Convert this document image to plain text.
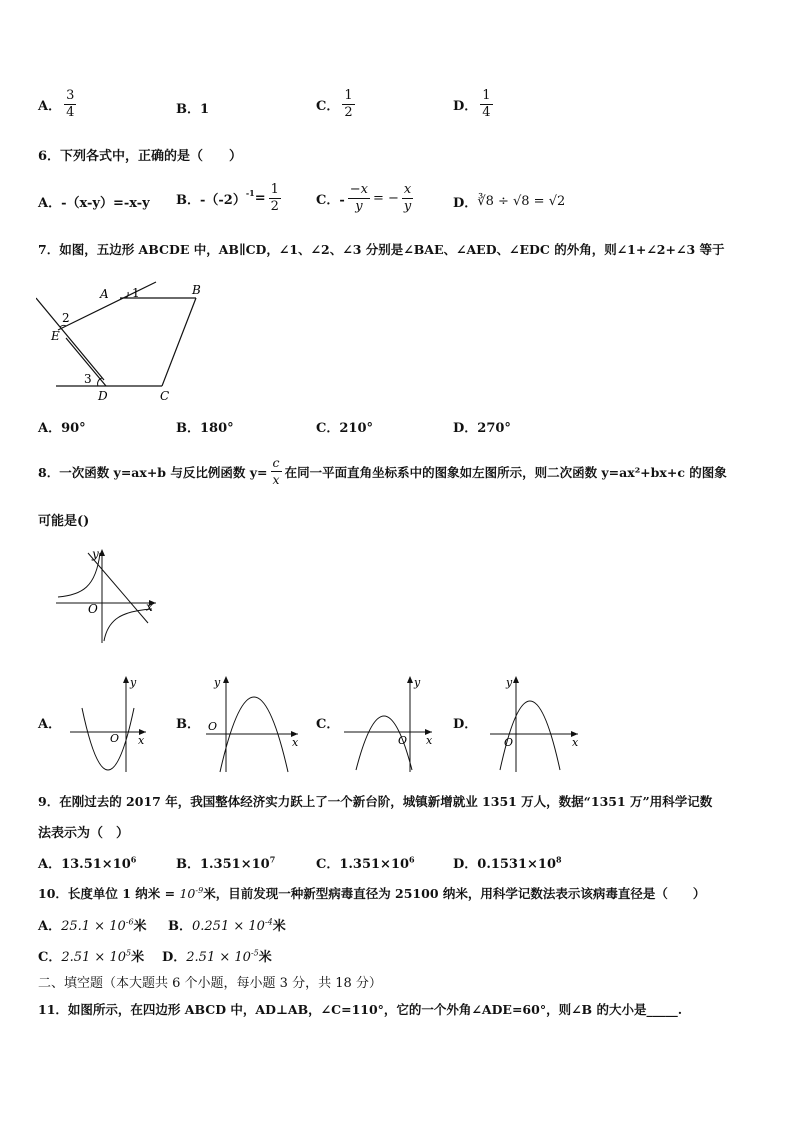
A． $\frac{3}{4}$	B．1	C． $\frac{1}{2}$	D． $\frac{1}{4}$
6．下列各式中，正确的是（　　）
A．-（x-y）=-x-y B．$-(-2)^{-1} = \frac{1}{2}$	C．- $\frac{-x}{y}$ = − $\frac{x}{y}$	D． ∛8 ÷ √8 = √2
7．如图，五边形 ABCDE 中，AB∥CD，∠1、∠2、∠3 分别是∠BAE、∠AED、∠EDC 的外角，则∠1+∠2+∠3 等于
A	B
C
D
E
1
2
3
A．90°	B．180°	C．210°	D．270°
8．一次函数 y=ax+b 与反比例函数 $y= \frac{c}{x}$ 在同一平面直角坐标系中的图象如左图所示，则二次函数 y=ax²+bx+c 的图象
可能是()
y
x
O
A．
y
x
O
B．
y
x
O	C．
y
x
O
D．
y
x
O
9．在刚过去的 2017 年，我国整体经济实力跃上了一个新台阶，城镇新增就业 1351 万人，数据“1351 万”用科学记数
法表示为（　）
A．$13.51\times 10^6$	B．$1.351\times 10^7$	C．$1.351\times 10^6$	D．$0.1531\times 10^8$
10．长度单位 1 纳米 = $10^{-9}$米，目前发现一种新型病毒直径为 25100 纳米，用科学记数法表示该病毒直径是（　　）
A．$25.1 \times 10^{-6}$米 B．$0.251 \times 10^{-4}$米
C．$2.51 \times 10^5$米 D．$2.51 \times 10^{-5}$米
二、填空题（本大题共 6 个小题，每小题 3 分，共 18 分）
11．如图所示，在四边形 ABCD 中，AD⊥AB，∠C=110°，它的一个外角∠ADE=60°，则∠B 的大小是_____.
